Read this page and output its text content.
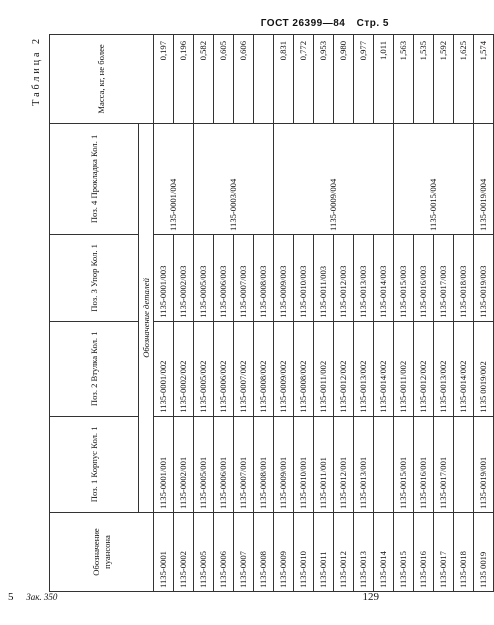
ГОСТ 26399—84 Стр. 5
Таблица 2
Обозначение пуансона	Поз. 1 Корпус Кол. 1	Поз. 2 Втулка Кол. 1	Поз. 3 Упор Кол. 1	Поз. 4 Прокладка Кол. 1	Масса, кг, не более
	Обозначение деталей				
1135-0001	1135-0001/001	1135-0001/002	1135-0001/003	1135-0001/004	0,197
1135-0002	1135-0002/001	1135-0002/002	1135-0002/003		0,196
1135-0005	1135-0005/001	1135-0005/002	1135-0005/003	1135-0003/004	0,582
1135-0006	1135-0006/001	1135-0006/002	1135-0006/003		0,605
1135-0007	1135-0007/001	1135-0007/002	1135-0007/003		0,606
1135-0008	1135-0008/001	1135-0008/002	1135-0008/003		
1135-0009	1135-0009/001	1135-0009/002	1135-0009/003	1135-0009/004	0,831
1135-0010	1135-0010/001	1135-0008/002	1135-0010/003		0,772
1135-0011	1135-0011/001	1135-0011/002	1135-0011/003		0,953
1135-0012	1135-0012/001	1135-0012/002	1135-0012/003		0,980
1135-0013	1135-0013/001	1135-0013/002	1135-0013/003		0,977
1135-0014		1135-0014/002	1135-0014/003		1,011
1135-0015	1135-0015/001	1135-0011/002	1135-0015/003	1135-0015/004	1,563
1135-0016	1135-0016/001	1135-0012/002	1135-0016/003		1,535
1135-0017	1135-0017/001	1135-0013/002	1135-0017/003		1,592
1135-0018		1135-0014/002	1135-0018/003		1,625
1135 0019	1135-0019/001	1135 0019/002	1135-0019/003	1135-0019/004	1,574
5 Зак. 350	129
